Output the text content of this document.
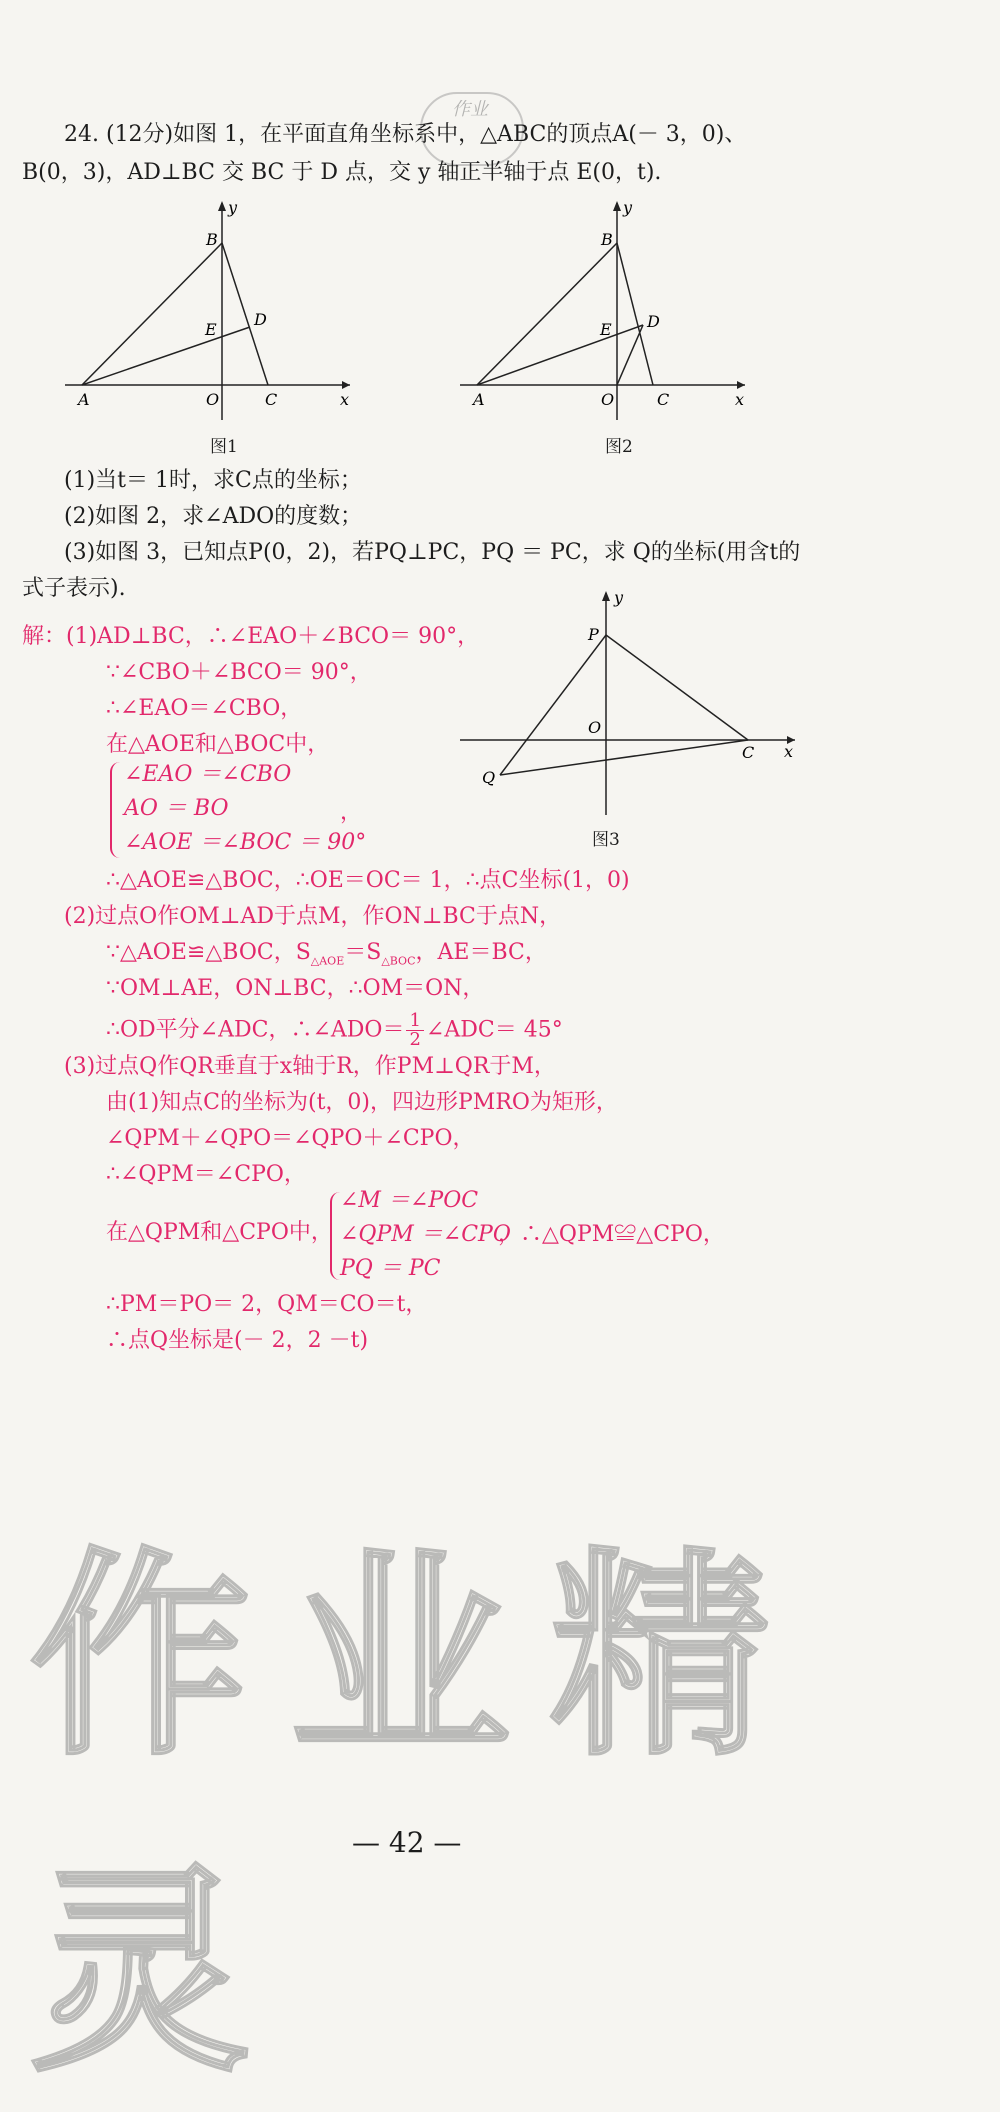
作业
24. (12分)如图 1，在平面直角坐标系中，△ABC的顶点A(－ 3，0)、
B(0，3)，AD⊥BC 交 BC 于 D 点，交 y 轴正半轴于点 E(0，t).
y
x
B
E
D
A	O	C
图1
y
x
B
E D
A	O	C
图2
(1)当t＝ 1时，求C点的坐标；
(2)如图 2，求∠ADO的度数；
(3)如图 3，已知点P(0，2)，若PQ⊥PC，PQ ＝ PC，求 Q的坐标(用含t的
式子表示).	y
x
P
O
C
Q
图3
解：(1)AD⊥BC，∴∠EAO＋∠BCO＝ 90°，
∵∠CBO＋∠BCO＝ 90°，
∴∠EAO＝∠CBO，
在△AOE和△BOC中，
∠EAO ＝∠CBO
AO ＝ BO	，
∠AOE ＝∠BOC ＝ 90°
∴△AOE≌△BOC，∴OE＝OC＝ 1，∴点C坐标(1，0)
(2)过点O作OM⊥AD于点M，作ON⊥BC于点N，
∵△AOE≌△BOC，$S_{\triangle AOE}=S_{\triangle BOC}$，AE＝BC，
∵OM⊥AE，ON⊥BC，∴OM＝ON，
∴OD平分∠ADC，∴∠ADO＝ $\frac{1}{2}$ ∠ADC＝ 45°
(3)过点Q作QR垂直于x轴于R，作PM⊥QR于M，
由(1)知点C的坐标为(t，0)，四边形PMRO为矩形，
∠QPM＋∠QPO＝∠QPO＋∠CPO，
∴∠QPM＝∠CPO，
在△QPM和△CPO中，
∠M ＝∠POC
∠QPM ＝∠CPO
，∴△QPM≌△CPO，
PQ ＝ PC
∴PM＝PO＝ 2，QM＝CO＝t，
∴点Q坐标是(－ 2，2 －t)
作业精灵
— 42 —
